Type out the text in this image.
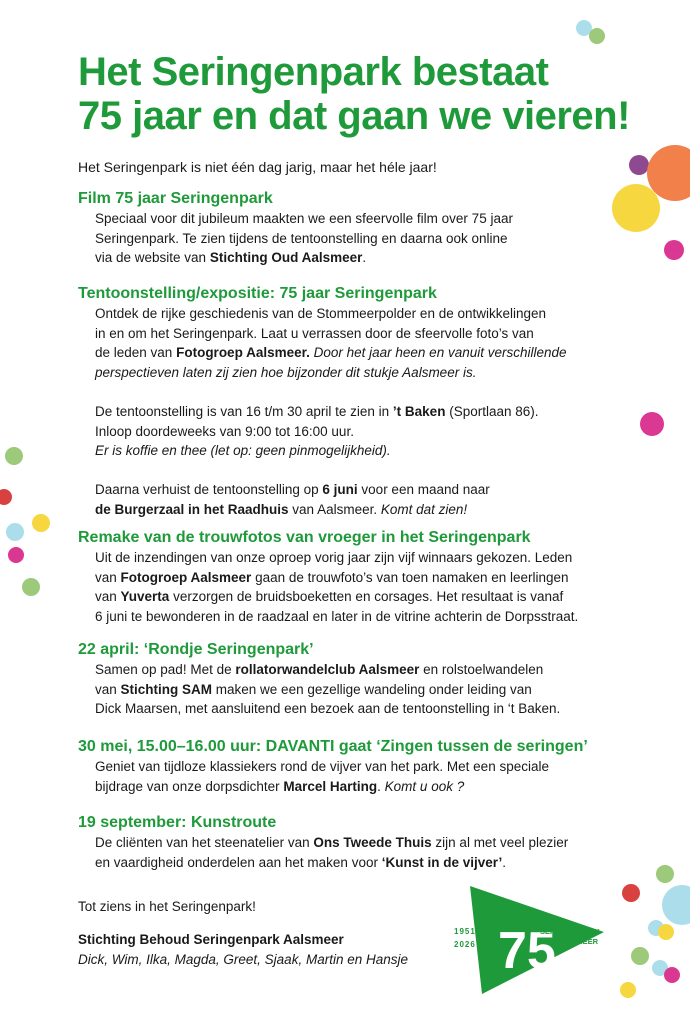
Het Seringenpark bestaat
75 jaar en dat gaan we vieren!

Het Seringenpark is niet één dag jarig, maar het héle jaar!

Film 75 jaar Seringenpark

Speciaal voor dit jubileum maakten we een sfeervolle film over 75 jaar

Seringenpark. Te zien tijdens de tentoonstelling en daarna ook online

via de website van Stichting Oud Aalsmeer.

Tentoonstelling/expositie: 75 jaar Seringenpark

Ontdek de rijke geschiedenis van de Stommeerpolder en de ontwikkelingen

in en om het Seringenpark. Laat u verrassen door de sfeervolle foto’s van

de leden van Fotogroep Aalsmeer. Door het jaar heen en vanuit verschillende

perspectieven laten zij zien hoe bijzonder dit stukje Aalsmeer is.

De tentoonstelling is van 16 t/m 30 april te zien in ’t Baken (Sportlaan 86).

Inloop doordeweeks van 9:00 tot 16:00 uur.

Er is koffie en thee (let op: geen pinmogelijkheid).

Daarna verhuist de tentoonstelling op 6 juni voor een maand naar

de Burgerzaal in het Raadhuis van Aalsmeer. Komt dat zien!

Remake van de trouwfotos van vroeger in het Seringenpark

Uit de inzendingen van onze oproep vorig jaar zijn vijf winnaars gekozen. Leden

van Fotogroep Aalsmeer gaan de trouwfoto’s van toen namaken en leerlingen

van Yuverta verzorgen de bruidsboeketten en corsages. Het resultaat is vanaf

6 juni te bewonderen in de raadzaal en later in de vitrine achterin de Dorpsstraat.

22 april: ‘Rondje Seringenpark’

Samen op pad! Met de rollatorwandelclub Aalsmeer en rolstoelwandelen

van Stichting SAM maken we een gezellige wandeling onder leiding van

Dick Maarsen, met aansluitend een bezoek aan de tentoonstelling in ‘t Baken.

30 mei, 15.00–16.00 uur: DAVANTI gaat ‘Zingen tussen de seringen’

Geniet van tijdloze klassiekers rond de vijver van het park. Met een speciale

bijdrage van onze dorpsdichter Marcel Harting. Komt u ook ?

19 september: Kunstroute

De cliënten van het steenatelier van Ons Tweede Thuis zijn al met veel plezier

en vaardigheid onderdelen aan het maken voor ‘Kunst in de vijver’.

Tot ziens in het Seringenpark!

Stichting Behoud Seringenpark Aalsmeer

Dick, Wim, Ilka, Magda, Greet, Sjaak, Martin en Hansje

1951
2026 75
SERINGENPARK
AALSMEER
